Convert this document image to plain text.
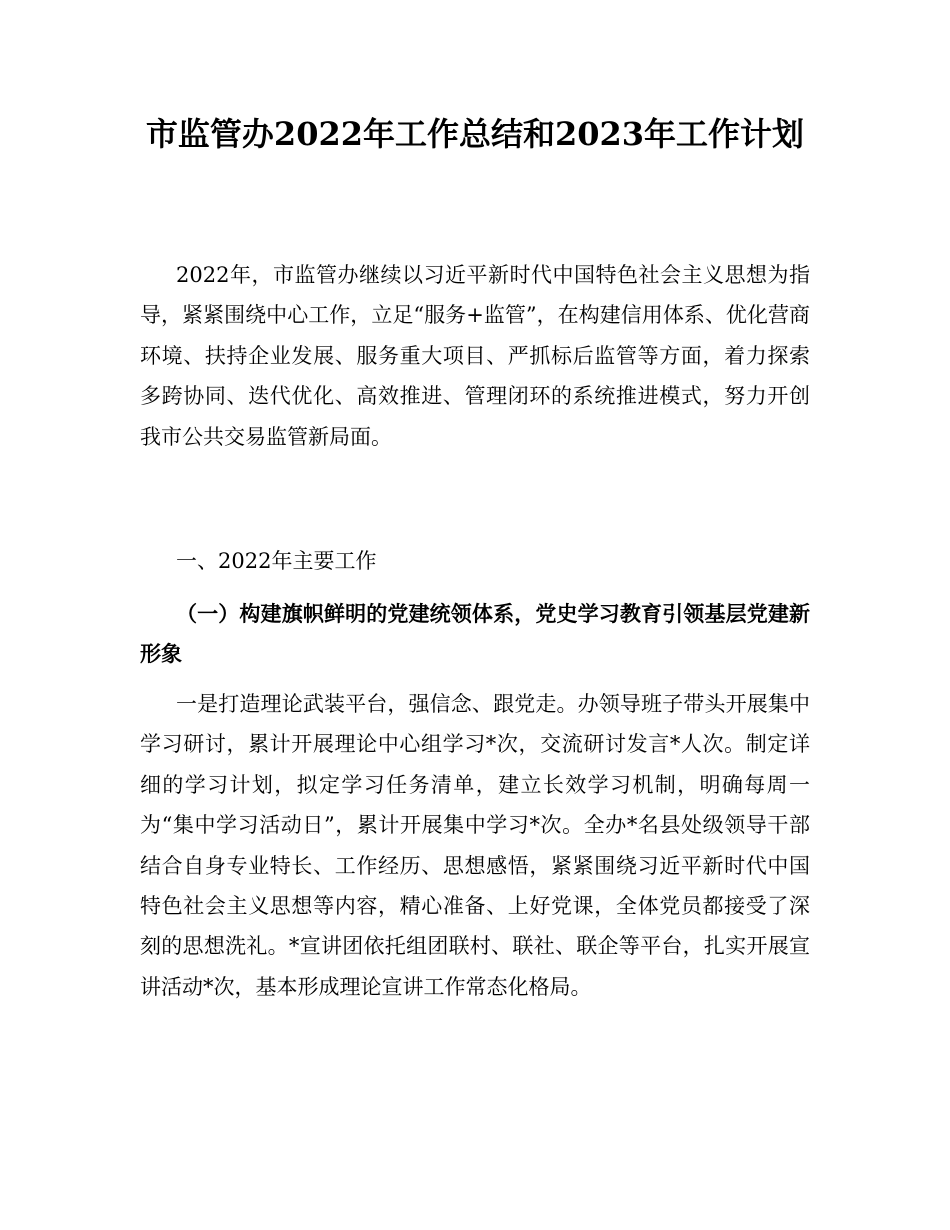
市监管办2022年工作总结和2023年工作计划

2022年，市监管办继续以习近平新时代中国特色社会主义思想为指导，紧紧围绕中心工作，立足“服务+监管”，在构建信用体系、优化营商环境、扶持企业发展、服务重大项目、严抓标后监管等方面，着力探索多跨协同、迭代优化、高效推进、管理闭环的系统推进模式，努力开创我市公共交易监管新局面。

一、2022年主要工作

（一）构建旗帜鲜明的党建统领体系，党史学习教育引领基层党建新形象

一是打造理论武装平台，强信念、跟党走。办领导班子带头开展集中学习研讨，累计开展理论中心组学习*次，交流研讨发言*人次。制定详细的学习计划，拟定学习任务清单，建立长效学习机制，明确每周一为“集中学习活动日”，累计开展集中学习*次。全办*名县处级领导干部结合自身专业特长、工作经历、思想感悟，紧紧围绕习近平新时代中国特色社会主义思想等内容，精心准备、上好党课，全体党员都接受了深刻的思想洗礼。*宣讲团依托组团联村、联社、联企等平台，扎实开展宣讲活动*次，基本形成理论宣讲工作常态化格局。
